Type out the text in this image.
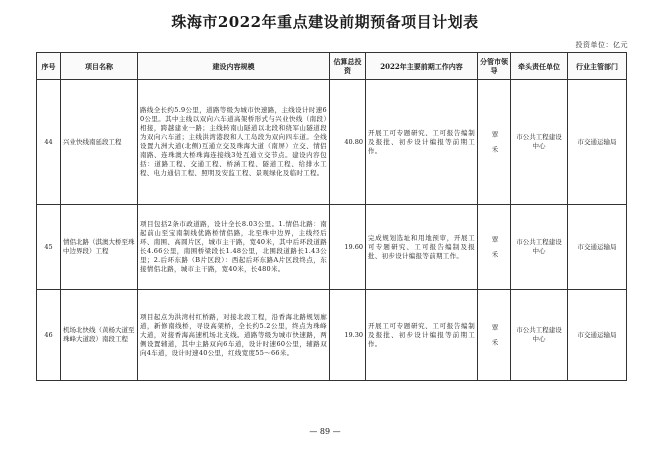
珠海市2022年重点建设前期预备项目计划表
投资单位：亿元
序号	项目名称	建设内容规模	估算总投资	2022年主要前期工作内容	分管市领导	牵头责任单位	行业主管部门
44	兴业快线南延段工程	路线全长约5.9公里，道路等级为城市快速路，主线设计时速60公里。其中主线以双向六车道高架桥形式与兴业快线（南段）相接，跨越建业一路；主线转南山隧道以北段和绕军山隧道段为双向六车道；主线洪湾港段和人工岛段为双向四车道。全线设置九洲大道(北侧)互通立交及珠海大道（南屏）立交、情侣南路、连珠澳大桥珠海连接线3处互通立交节点。建设内容包括：道路工程、交通工程、桥涵工程、隧道工程、给排水工程、电力通信工程、照明及安监工程、景观绿化及临时工程。	40.80	开展工可专题研究、工可报告编制及报批、初步设计编报等前期工作。	覃　禾	市公共工程建设中心	市交通运输局
45	情侣北路（淇澳大桥至珠中边界段）工程	项目包括2条市政道路，设计全长8.03公里。1.情侣北路：南起前山至宝南制线优路桥情侣路，北至珠中边界，主线经后环、南围、高圆片区，城市主干路，宽40米，其中后环段道路长4.66公里，南围桥梁段长1.48公里，北围段道路长1.43公里；2.后环东路（B片区段）：西起后环东路A片区段终点，东接情侣北路，城市主干路，宽40米，长480米。	19.60	完成规划选址和用地预审，开展工可专题研究、工可报告编制及报批、初步设计编报等前期工作。	覃　禾	市公共工程建设中心	市交通运输局
46	机场北快线（黄杨大道至珠峰大道段）南段工程	项目起点为洪湾村红桥路，对接北段工程，沿香海北路规划廊道，新修南线桥，寻设高架桥，全长约5.2公里，终点为珠峰大道，对接香海高速机场北支线。道路等级为城市快速路，两侧设置辅道，其中主路双向6车道，设计时速60公里，辅路双向4车道，设计时速40公里，红线宽度55～66米。	19.30	开展工可专题研究、工可报告编制及报批、初步设计编报等前期工作。	覃　禾	市公共工程建设中心	市交通运输局
— 89 —
